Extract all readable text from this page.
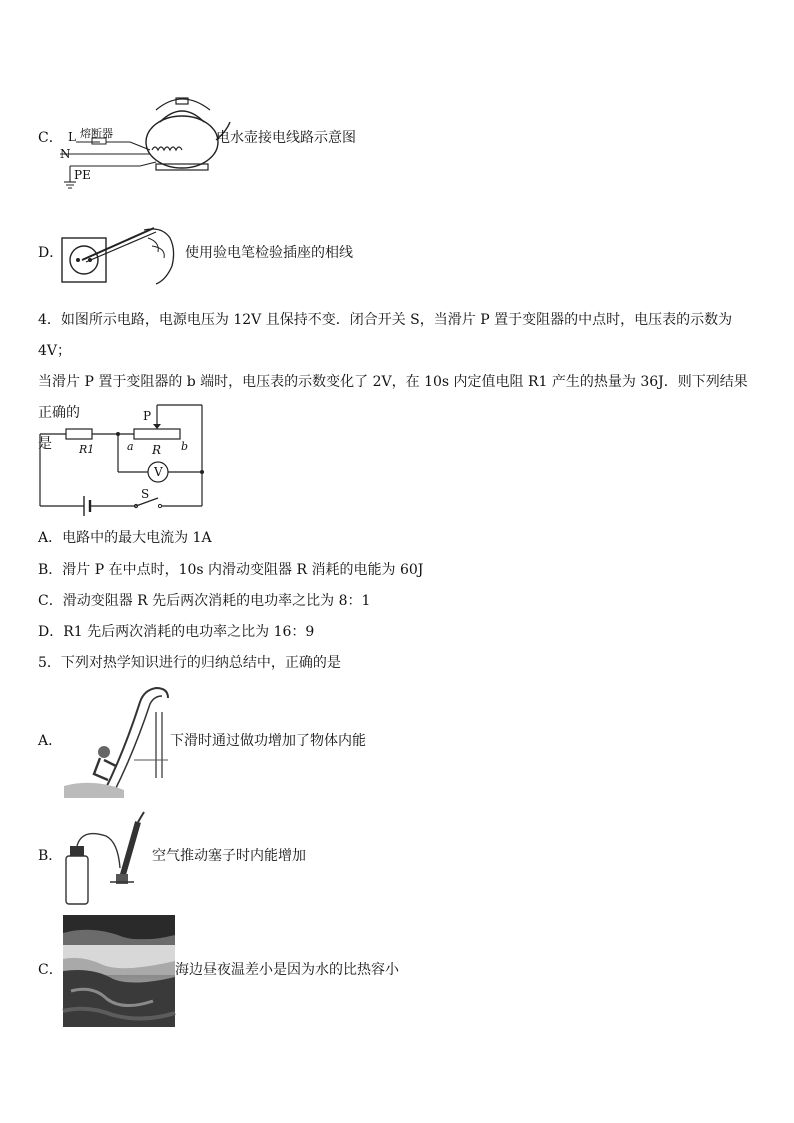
C． L 熔断器
N
PE
电水壶接电线路示意图
D．	使用验电笔检验插座的相线
4．如图所示电路，电源电压为 12V 且保持不变．闭合开关 S，当滑片 P 置于变阻器的中点时，电压表的示数为 4V；
当滑片 P 置于变阻器的 b 端时，电压表的示数变化了 2V，在 10s 内定值电阻 R1 产生的热量为 36J．则下列结果正确的
是	R1
P
R
a	b
V
S
A．电路中的最大电流为 1A
B．滑片 P 在中点时，10s 内滑动变阻器 R 消耗的电能为 60J
C．滑动变阻器 R 先后两次消耗的电功率之比为 8：1
D．R1 先后两次消耗的电功率之比为 16：9
5．下列对热学知识进行的归纳总结中，正确的是
A．	下滑时通过做功增加了物体内能
B．	空气推动塞子时内能增加
C．	海边昼夜温差小是因为水的比热容小
